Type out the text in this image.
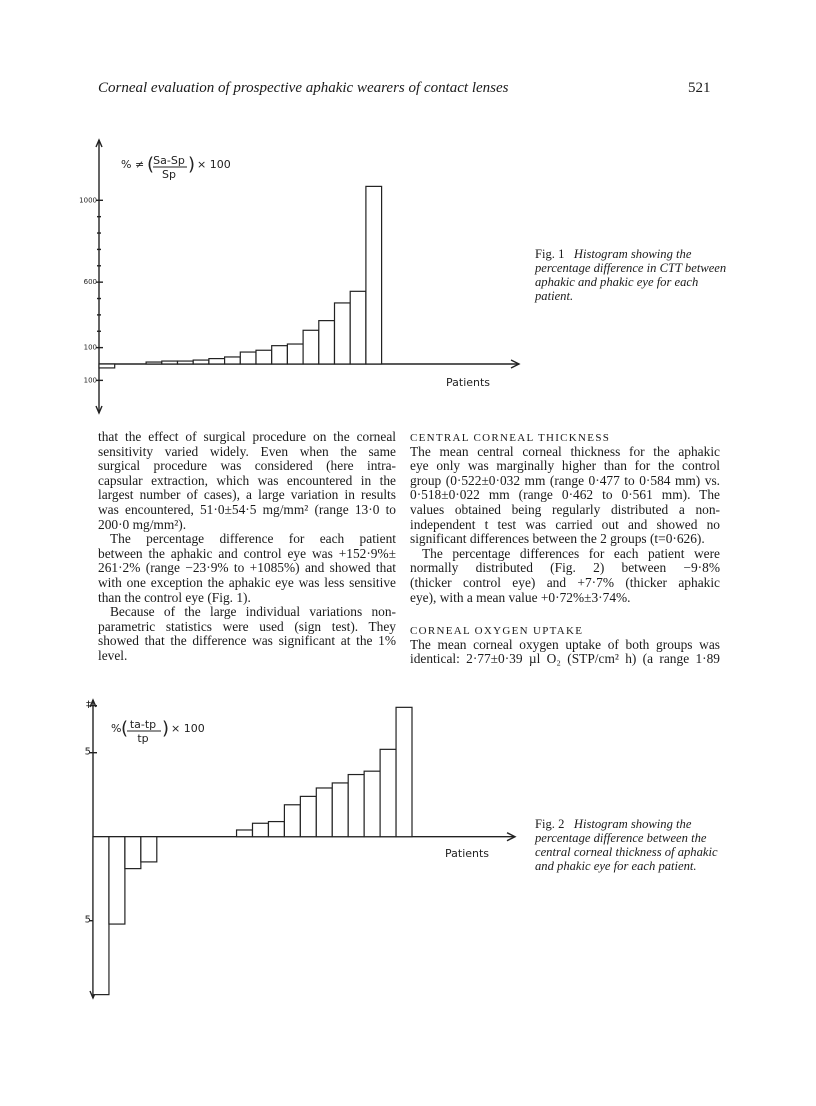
Corneal evaluation of prospective aphakic wearers of contact lenses	521
1000
600
100
100	Patients
% ≠ ( Sa-Sp
Sp ) × 100
5
5
‡
Patients
% ( ta-tp
tp ) × 100
Fig. 1 Histogram showing the percentage difference in CTT between aphakic and phakic eye for each patient.
Fig. 2 Histogram showing the percentage difference between the central corneal thickness of aphakic and phakic eye for each patient.
that the effect of surgical procedure on the corneal
sensitivity varied widely. Even when the same
surgical procedure was considered (here intra-
capsular extraction, which was encountered in the
largest number of cases), a large variation in results
was encountered, 51·0±54·5 mg/mm² (range 13·0 to
200·0 mg/mm²).
The percentage difference for each patient
between the aphakic and control eye was +152·9%±
261·2% (range −23·9% to +1085%) and showed that
with one exception the aphakic eye was less sensitive
than the control eye (Fig. 1).
Because of the large individual variations non-
parametric statistics were used (sign test). They
showed that the difference was significant at the 1%
level.
CENTRAL CORNEAL THICKNESS
The mean central corneal thickness for the aphakic
eye only was marginally higher than for the control
group (0·522±0·032 mm (range 0·477 to 0·584 mm) vs.
0·518±0·022 mm (range 0·462 to 0·561 mm). The
values obtained being regularly distributed a non-
independent t test was carried out and showed no
significant differences between the 2 groups (t=0·626).
The percentage differences for each patient were
normally distributed (Fig. 2) between −9·8%
(thicker control eye) and +7·7% (thicker aphakic
eye), with a mean value +0·72%±3·74%.
CORNEAL OXYGEN UPTAKE
The mean corneal oxygen uptake of both groups was
identical: 2·77±0·39 µl O₂ (STP/cm² h) (a range 1·89
